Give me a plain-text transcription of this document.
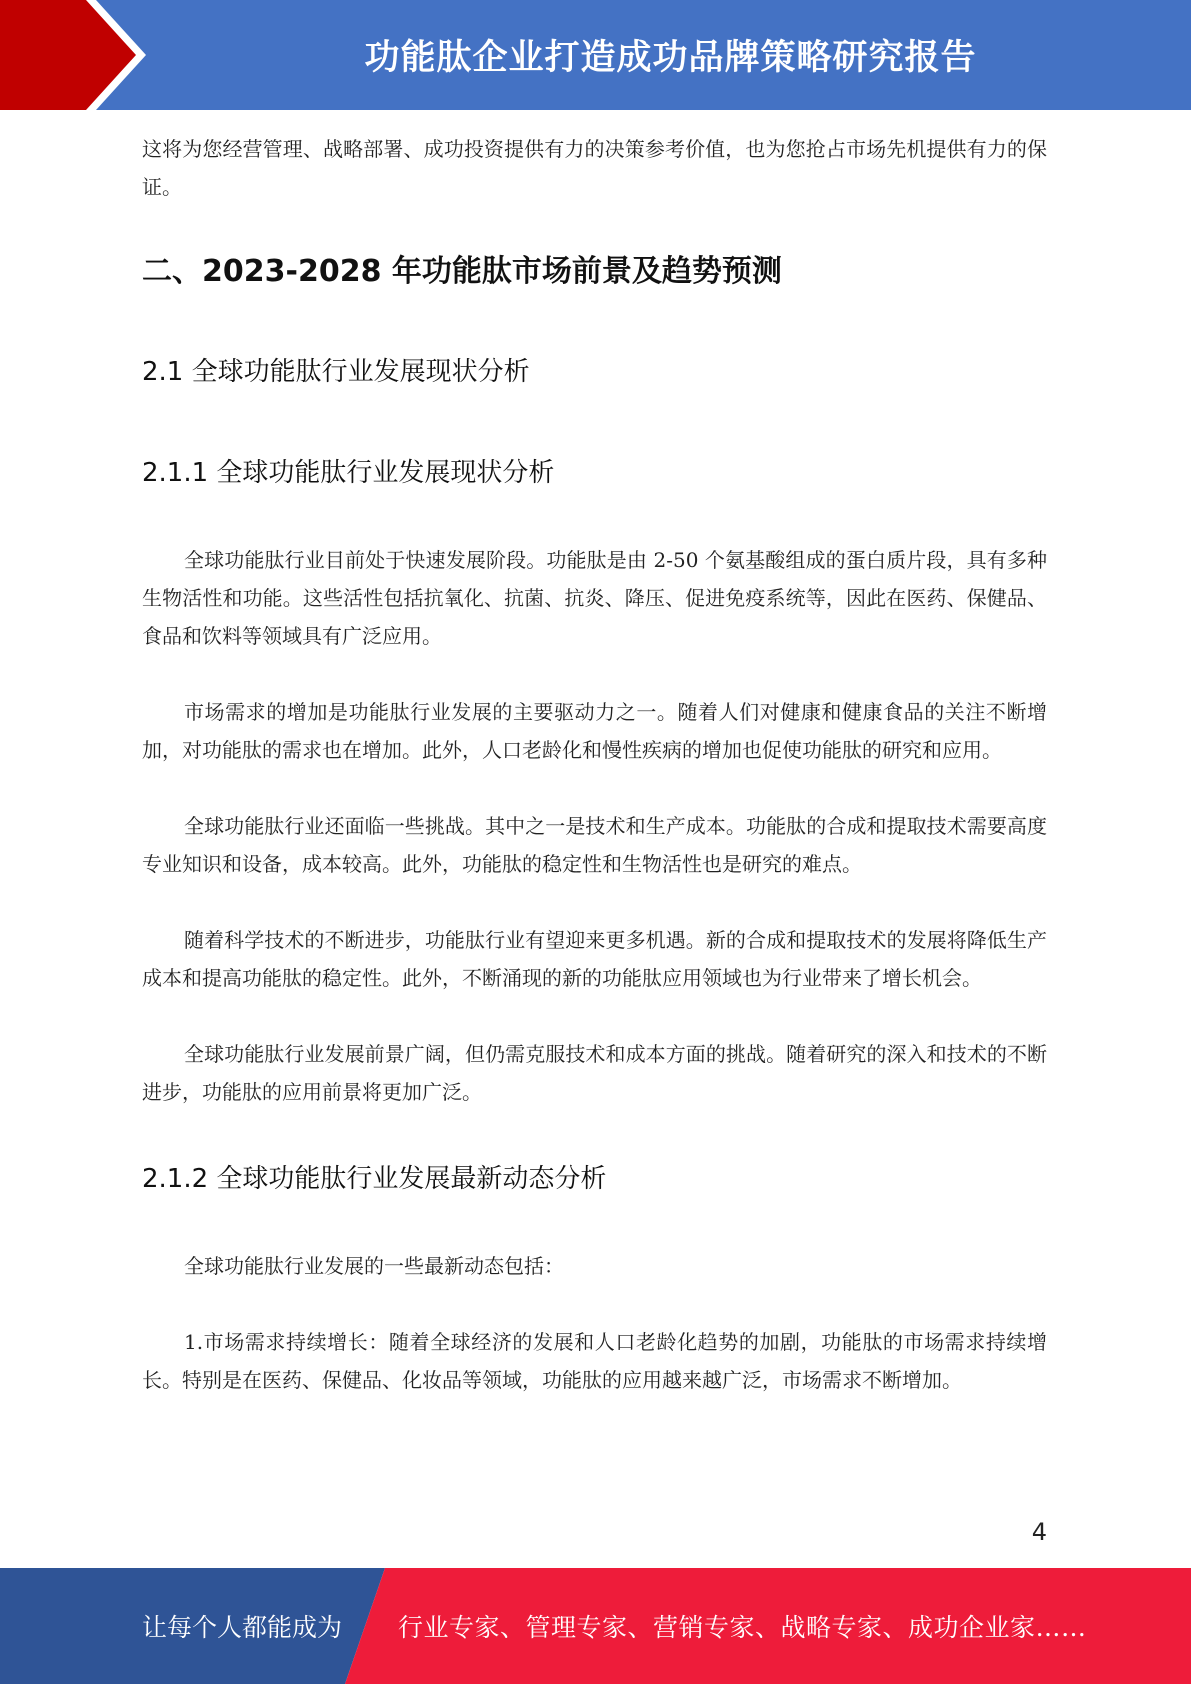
功能肽企业打造成功品牌策略研究报告

这将为您经营管理、战略部署、成功投资提供有力的决策参考价值，也为您抢占市场先机提供有力的保证。

二、2023-2028 年功能肽市场前景及趋势预测
2.1 全球功能肽行业发展现状分析
2.1.1 全球功能肽行业发展现状分析

全球功能肽行业目前处于快速发展阶段。功能肽是由 2-50 个氨基酸组成的蛋白质片段，具有多种生物活性和功能。这些活性包括抗氧化、抗菌、抗炎、降压、促进免疫系统等，因此在医药、保健品、食品和饮料等领域具有广泛应用。

市场需求的增加是功能肽行业发展的主要驱动力之一。随着人们对健康和健康食品的关注不断增加，对功能肽的需求也在增加。此外，人口老龄化和慢性疾病的增加也促使功能肽的研究和应用。

全球功能肽行业还面临一些挑战。其中之一是技术和生产成本。功能肽的合成和提取技术需要高度专业知识和设备，成本较高。此外，功能肽的稳定性和生物活性也是研究的难点。

随着科学技术的不断进步，功能肽行业有望迎来更多机遇。新的合成和提取技术的发展将降低生产成本和提高功能肽的稳定性。此外，不断涌现的新的功能肽应用领域也为行业带来了增长机会。

全球功能肽行业发展前景广阔，但仍需克服技术和成本方面的挑战。随着研究的深入和技术的不断进步，功能肽的应用前景将更加广泛。

2.1.2 全球功能肽行业发展最新动态分析

全球功能肽行业发展的一些最新动态包括：

1.市场需求持续增长：随着全球经济的发展和人口老龄化趋势的加剧，功能肽的市场需求持续增长。特别是在医药、保健品、化妆品等领域，功能肽的应用越来越广泛，市场需求不断增加。

4
让每个人都能成为 行业专家、管理专家、营销专家、战略专家、成功企业家……
